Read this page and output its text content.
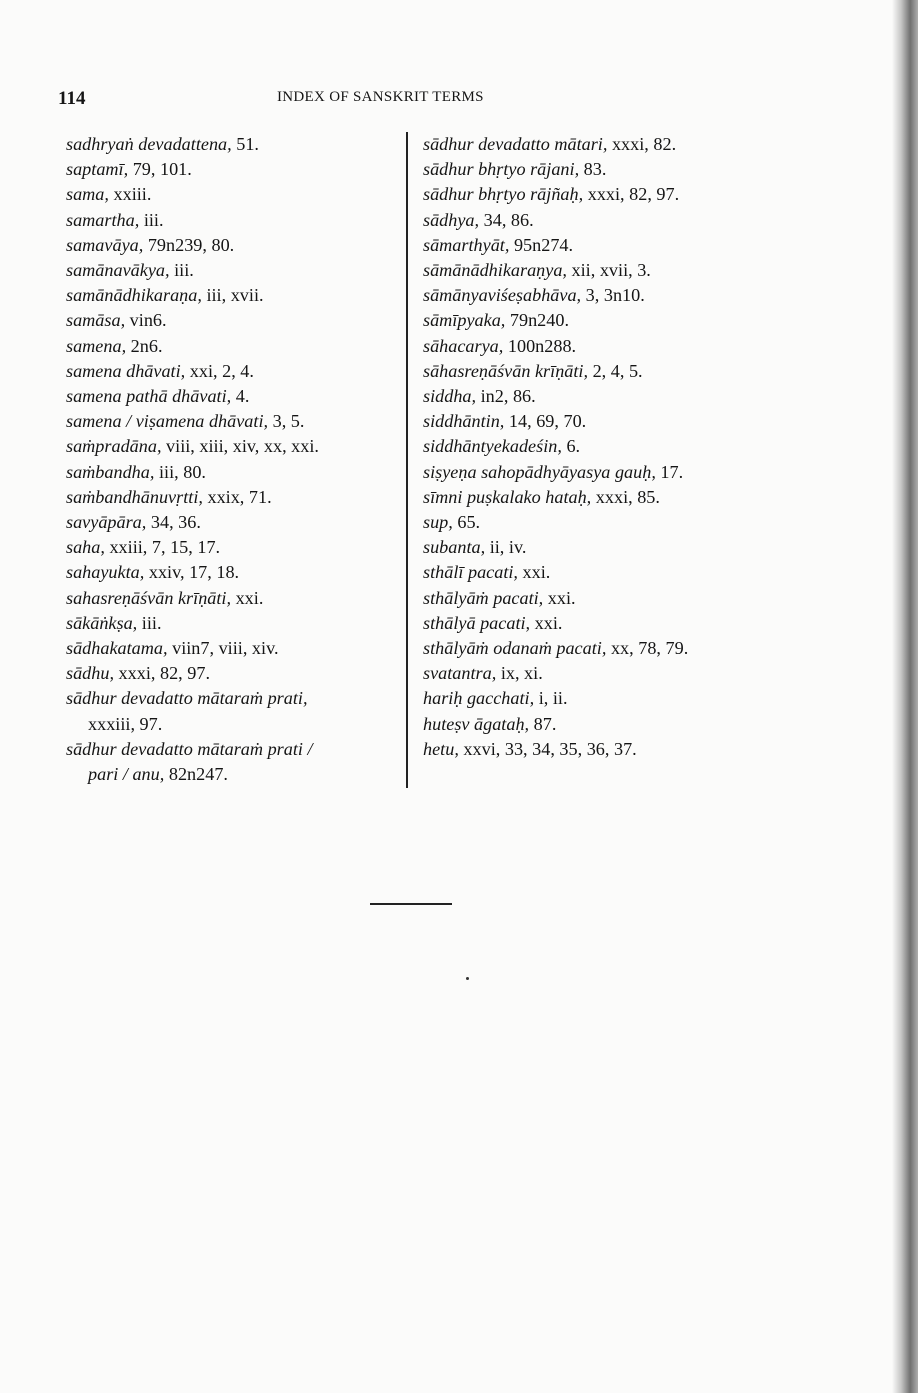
114	INDEX OF SANSKRIT TERMS
sadhryaṅ devadattena, 51.
saptamī, 79, 101.
sama, xxiii.
samartha, iii.
samavāya, 79n239, 80.
samānavākya, iii.
samānādhikaraṇa, iii, xvii.
samāsa, vin6.
samena, 2n6.
samena dhāvati, xxi, 2, 4.
samena pathā dhāvati, 4.
samena / viṣamena dhāvati, 3, 5.
saṁpradāna, viii, xiii, xiv, xx, xxi.
saṁbandha, iii, 80.
saṁbandhānuvṛtti, xxix, 71.
savyāpāra, 34, 36.
saha, xxiii, 7, 15, 17.
sahayukta, xxiv, 17, 18.
sahasreṇāśvān krīṇāti, xxi.
sākāṅkṣa, iii.
sādhakatama, viin7, viii, xiv.
sādhu, xxxi, 82, 97.
sādhur devadatto mātaraṁ prati,
xxxiii, 97.
sādhur devadatto mātaraṁ prati /
pari / anu, 82n247.
sādhur devadatto mātari, xxxi, 82.
sādhur bhṛtyo rājani, 83.
sādhur bhṛtyo rājñaḥ, xxxi, 82, 97.
sādhya, 34, 86.
sāmarthyāt, 95n274.
sāmānādhikaraṇya, xii, xvii, 3.
sāmānyaviśeṣabhāva, 3, 3n10.
sāmīpyaka, 79n240.
sāhacarya, 100n288.
sāhasreṇāśvān krīṇāti, 2, 4, 5.
siddha, in2, 86.
siddhāntin, 14, 69, 70.
siddhāntyekadeśin, 6.
siṣyeṇa sahopādhyāyasya gauḥ, 17.
sīmni puṣkalako hataḥ, xxxi, 85.
sup, 65.
subanta, ii, iv.
sthālī pacati, xxi.
sthālyāṁ pacati, xxi.
sthālyā pacati, xxi.
sthālyāṁ odanaṁ pacati, xx, 78, 79.
svatantra, ix, xi.
hariḥ gacchati, i, ii.
huteṣv āgataḥ, 87.
hetu, xxvi, 33, 34, 35, 36, 37.
